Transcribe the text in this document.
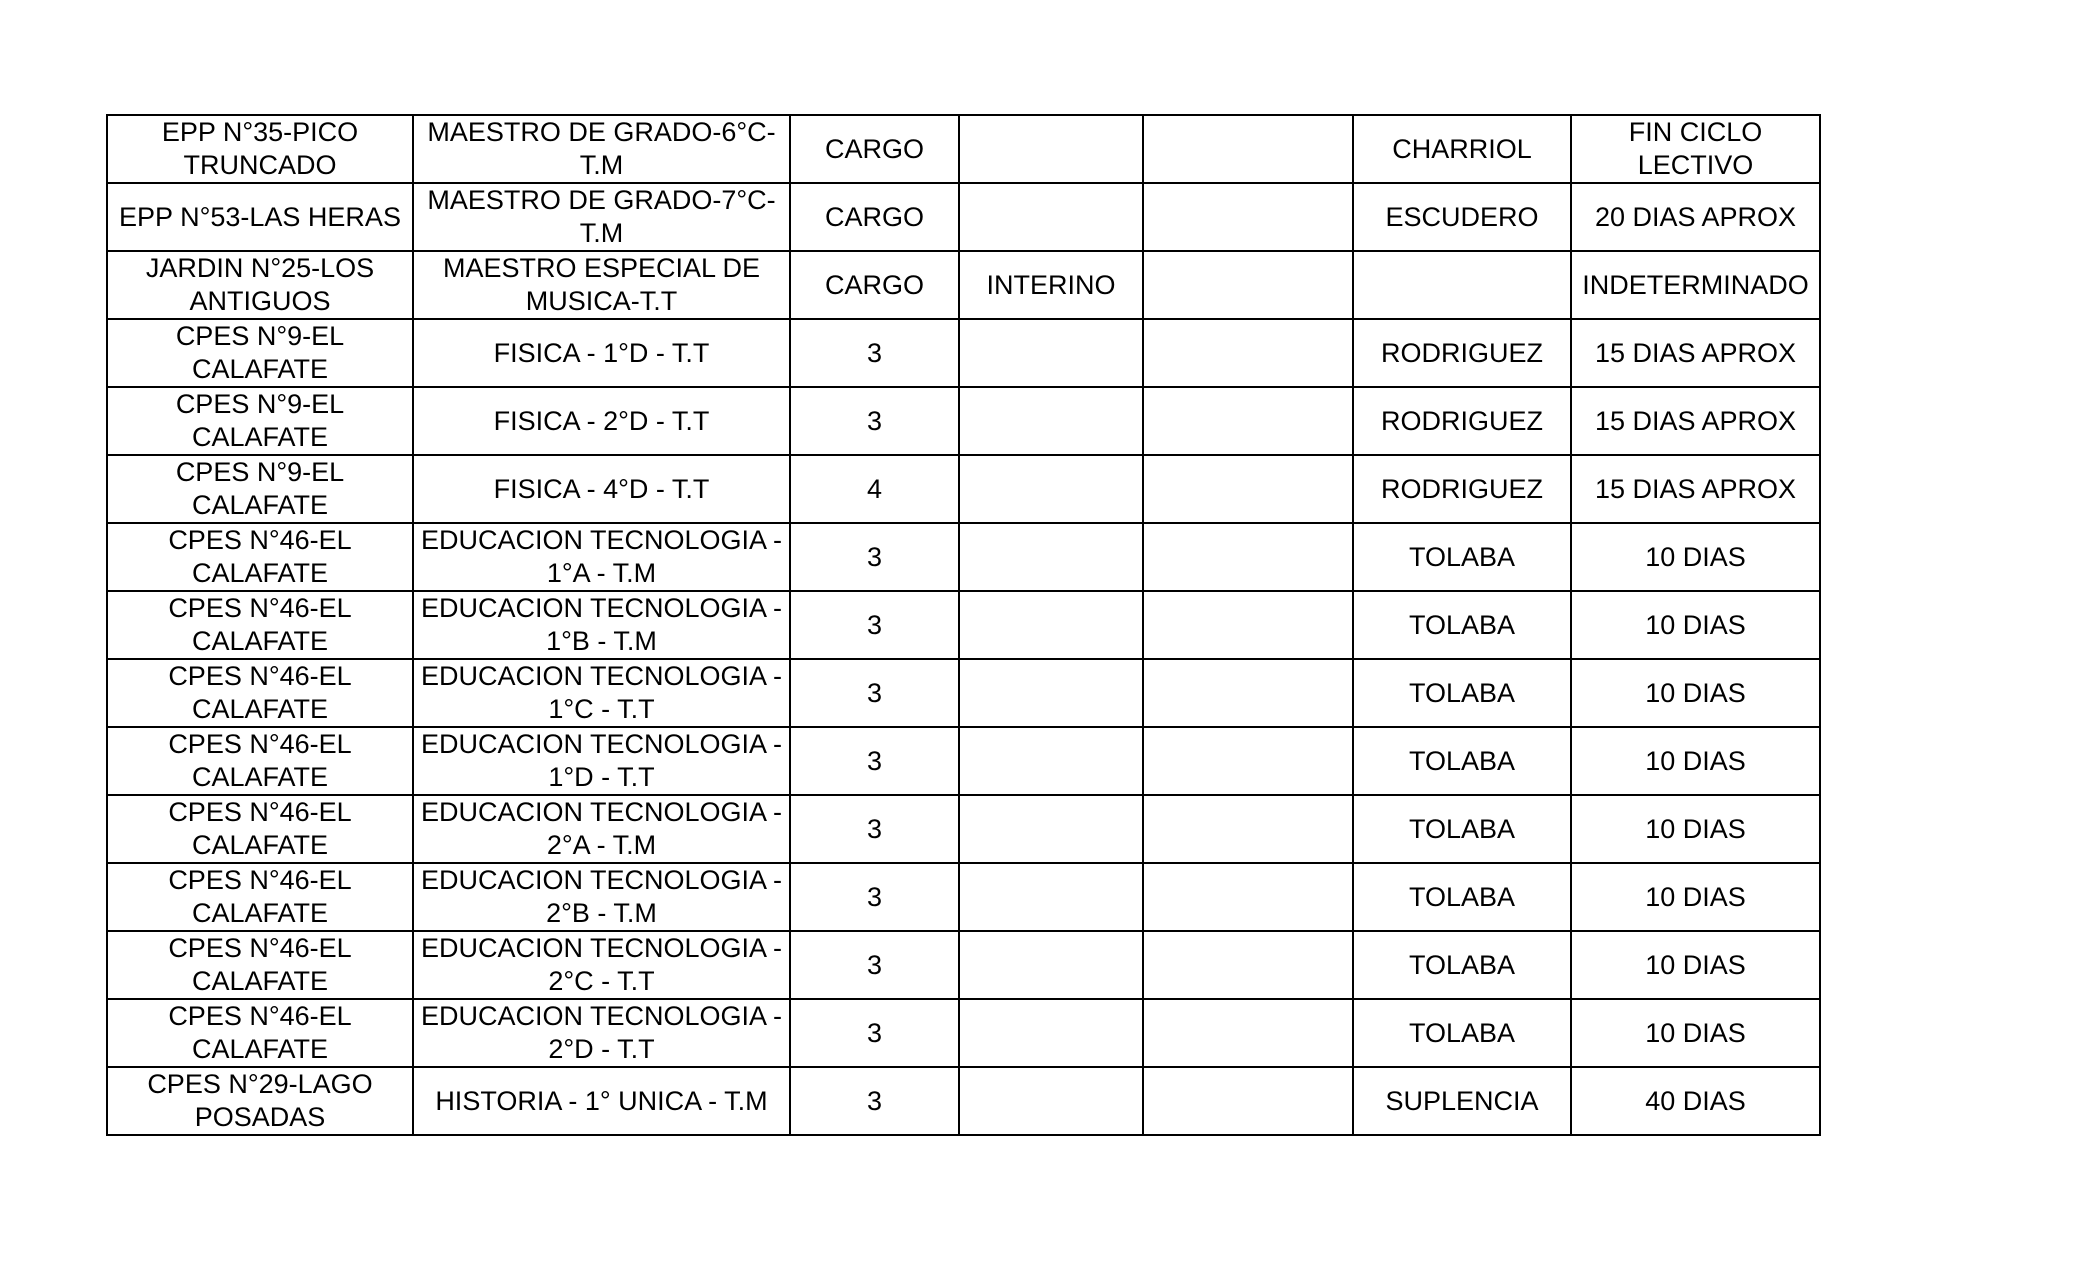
EPP N°35-PICO TRUNCADO	MAESTRO DE GRADO-6°C-T.M	CARGO			CHARRIOL	FIN CICLO LECTIVO
EPP N°53-LAS HERAS	MAESTRO DE GRADO-7°C-T.M	CARGO			ESCUDERO	20 DIAS APROX
JARDIN N°25-LOS ANTIGUOS	MAESTRO ESPECIAL DE MUSICA-T.T	CARGO	INTERINO			INDETERMINADO
CPES N°9-EL CALAFATE	FISICA - 1°D - T.T	3			RODRIGUEZ	15 DIAS APROX
CPES N°9-EL CALAFATE	FISICA - 2°D - T.T	3			RODRIGUEZ	15 DIAS APROX
CPES N°9-EL CALAFATE	FISICA - 4°D - T.T	4			RODRIGUEZ	15 DIAS APROX
CPES N°46-EL CALAFATE	EDUCACION TECNOLOGIA - 1°A - T.M	3			TOLABA	10 DIAS
CPES N°46-EL CALAFATE	EDUCACION TECNOLOGIA - 1°B - T.M	3			TOLABA	10 DIAS
CPES N°46-EL CALAFATE	EDUCACION TECNOLOGIA - 1°C - T.T	3			TOLABA	10 DIAS
CPES N°46-EL CALAFATE	EDUCACION TECNOLOGIA - 1°D - T.T	3			TOLABA	10 DIAS
CPES N°46-EL CALAFATE	EDUCACION TECNOLOGIA - 2°A - T.M	3			TOLABA	10 DIAS
CPES N°46-EL CALAFATE	EDUCACION TECNOLOGIA - 2°B - T.M	3			TOLABA	10 DIAS
CPES N°46-EL CALAFATE	EDUCACION TECNOLOGIA - 2°C - T.T	3			TOLABA	10 DIAS
CPES N°46-EL CALAFATE	EDUCACION TECNOLOGIA - 2°D - T.T	3			TOLABA	10 DIAS
CPES N°29-LAGO POSADAS	HISTORIA - 1° UNICA - T.M	3			SUPLENCIA	40 DIAS
